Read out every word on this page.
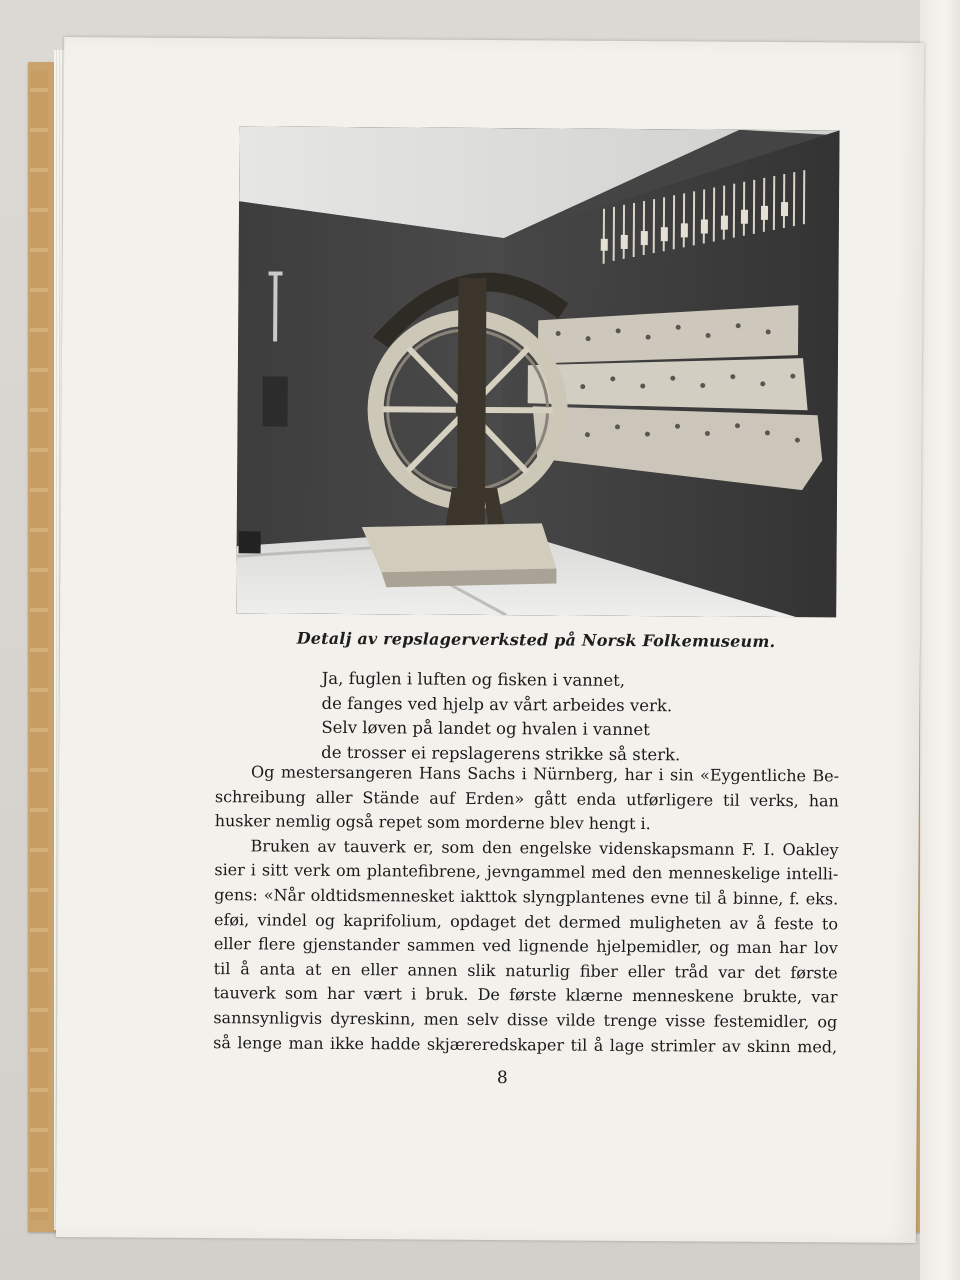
Detalj av repslagerverksted på Norsk Folkemuseum.
Ja, fuglen i luften og fisken i vannet,
de fanges ved hjelp av vårt arbeides verk.
Selv løven på landet og hvalen i vannet
de trosser ei repslagerens strikke så sterk.
Og mestersangeren Hans Sachs i Nürnberg, har i sin «Eygentliche Be-
schreibung aller Stände auf Erden» gått enda utførligere til verks, han
husker nemlig også repet som morderne blev hengt i.
Bruken av tauverk er, som den engelske videnskapsmann F. I. Oakley
sier i sitt verk om plantefibrene, jevngammel med den menneskelige intelli-
gens: «Når oldtidsmennesket iakttok slyngplantenes evne til å binne, f. eks.
eføi, vindel og kaprifolium, opdaget det dermed muligheten av å feste to
eller flere gjenstander sammen ved lignende hjelpemidler, og man har lov
til å anta at en eller annen slik naturlig fiber eller tråd var det første
tauverk som har vært i bruk. De første klærne menneskene brukte, var
sannsynligvis dyreskinn, men selv disse vilde trenge visse festemidler, og
så lenge man ikke hadde skjæreredskaper til å lage strimler av skinn med,
8
